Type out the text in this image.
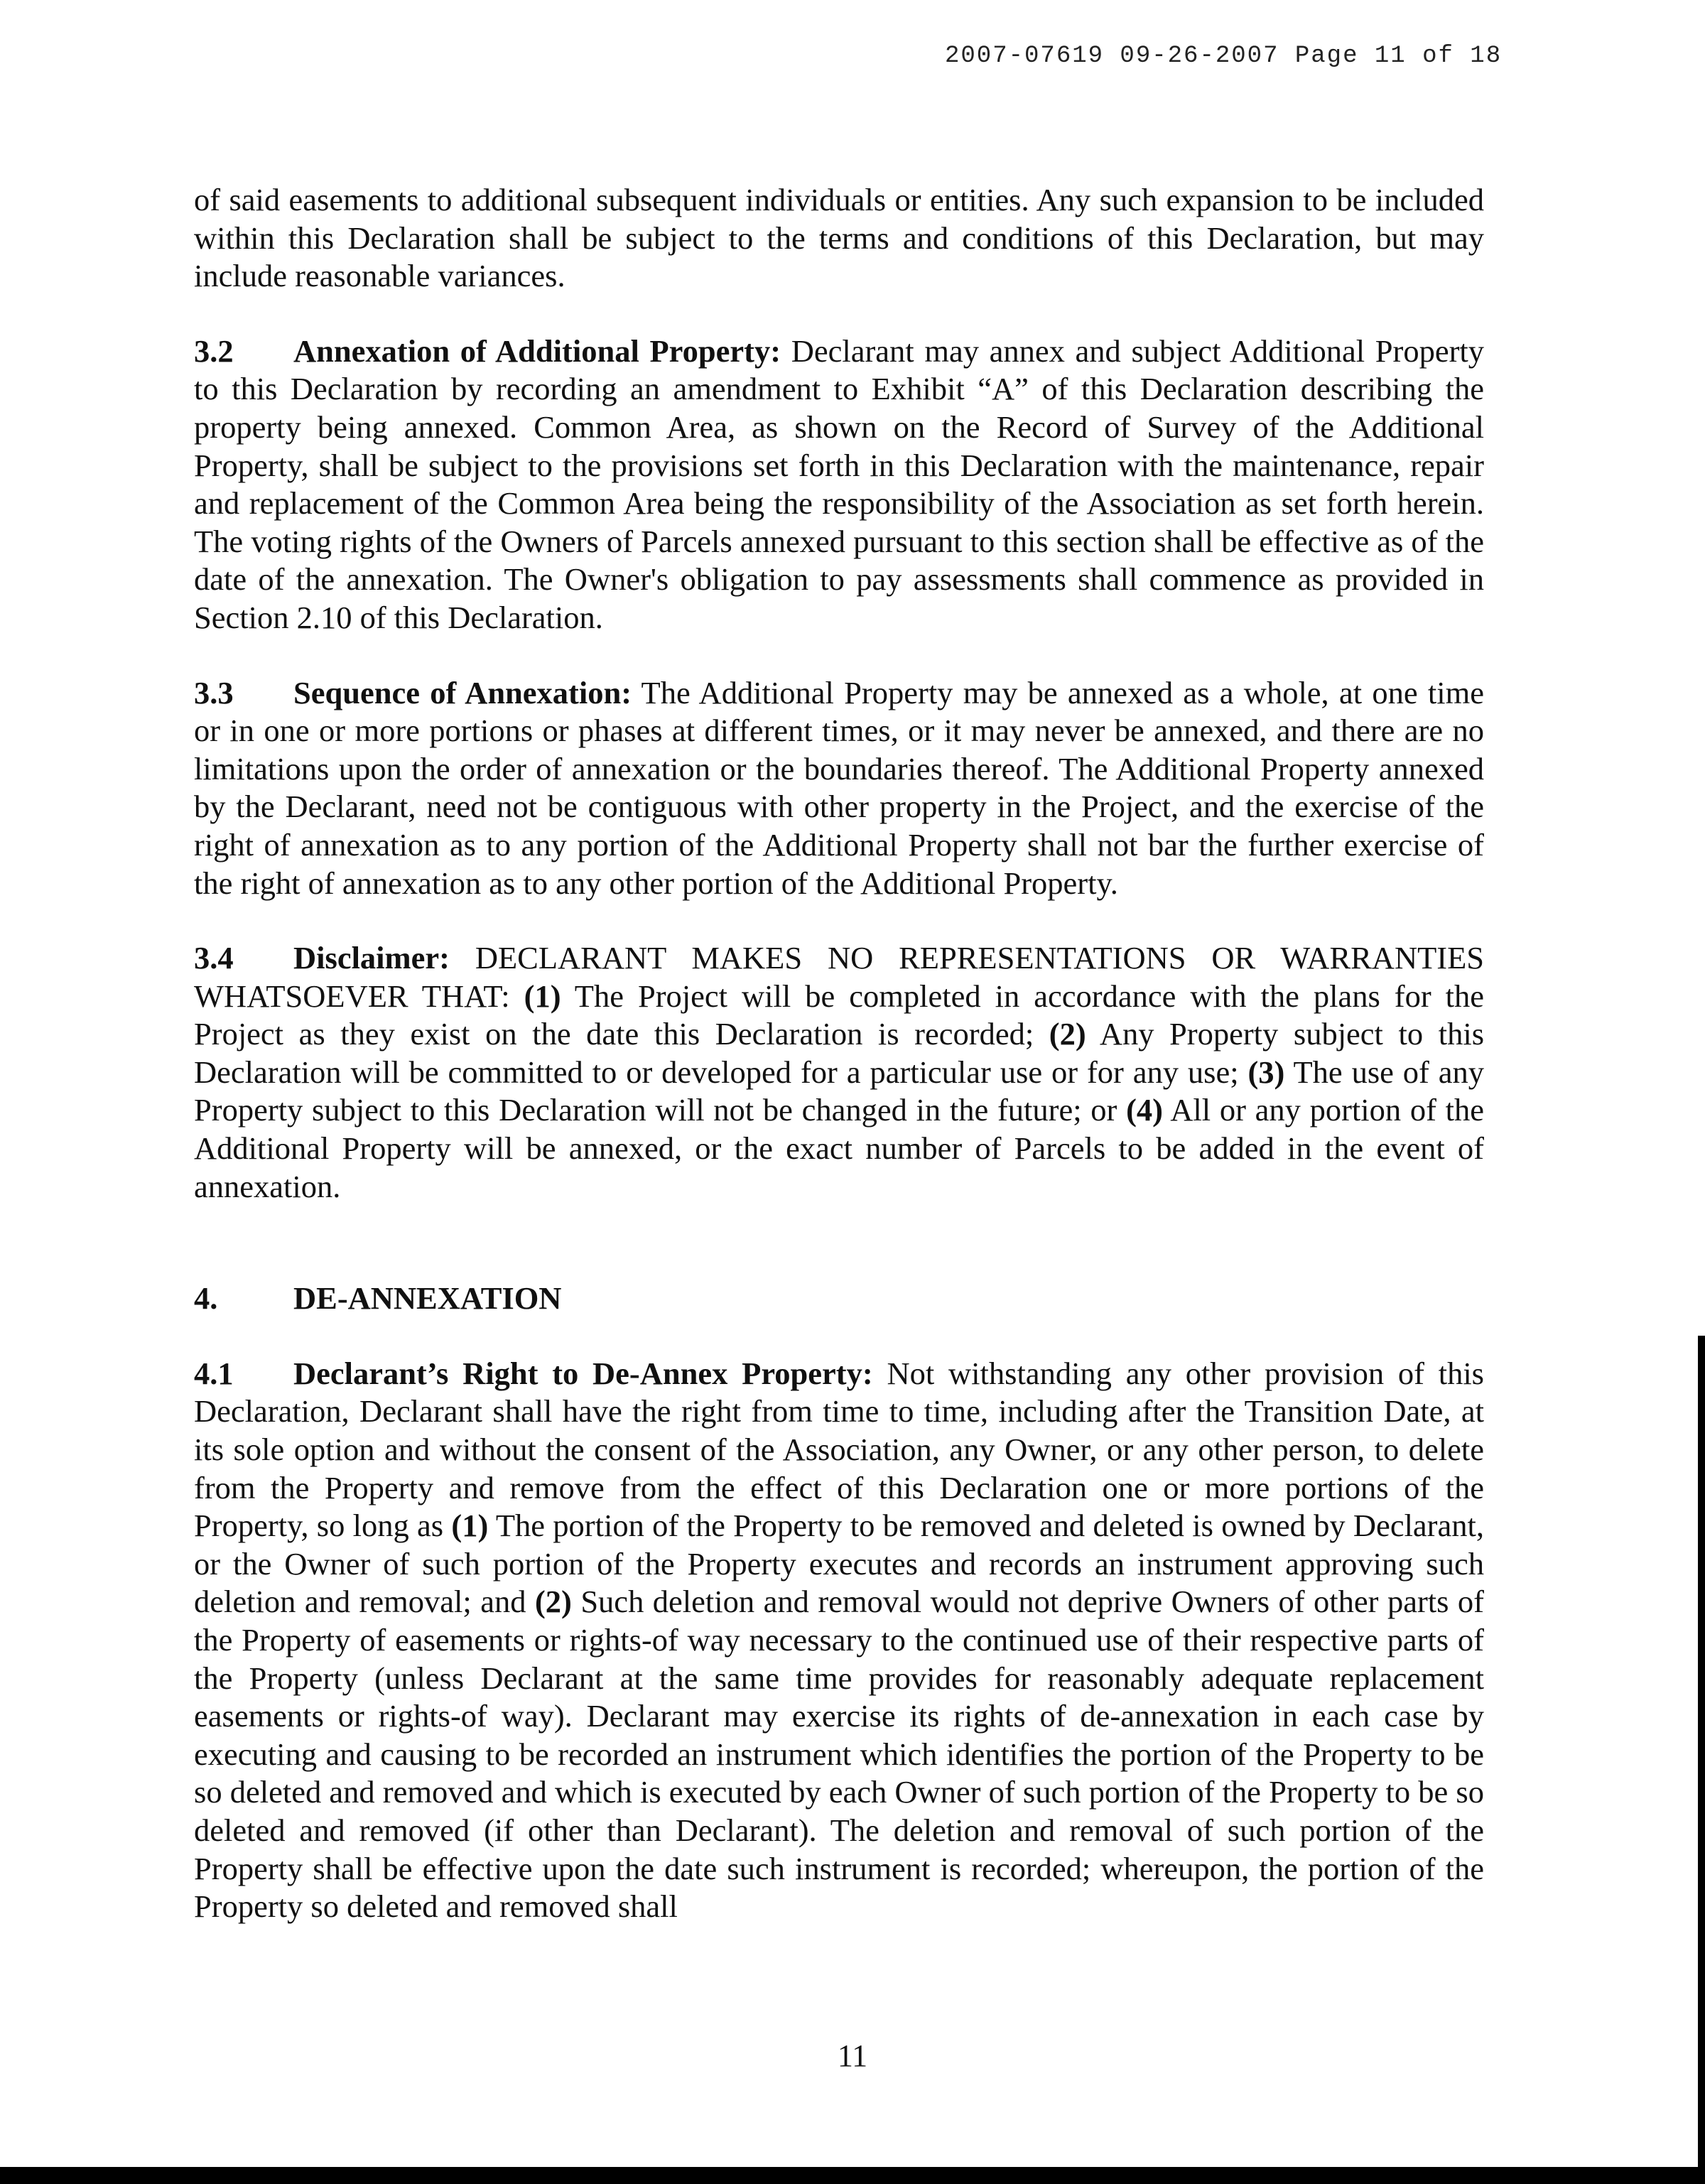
2007-07619 09-26-2007 Page 11 of 18

of said easements to additional subsequent individuals or entities. Any such expansion to be included within this Declaration shall be subject to the terms and conditions of this Declaration, but may include reasonable variances.

3.2 Annexation of Additional Property: Declarant may annex and subject Additional Property to this Declaration by recording an amendment to Exhibit “A” of this Declaration describing the property being annexed. Common Area, as shown on the Record of Survey of the Additional Property, shall be subject to the provisions set forth in this Declaration with the maintenance, repair and replacement of the Common Area being the responsibility of the Association as set forth herein. The voting rights of the Owners of Parcels annexed pursuant to this section shall be effective as of the date of the annexation. The Owner's obligation to pay assessments shall commence as provided in Section 2.10 of this Declaration.

3.3 Sequence of Annexation: The Additional Property may be annexed as a whole, at one time or in one or more portions or phases at different times, or it may never be annexed, and there are no limitations upon the order of annexation or the boundaries thereof. The Additional Property annexed by the Declarant, need not be contiguous with other property in the Project, and the exercise of the right of annexation as to any portion of the Additional Property shall not bar the further exercise of the right of annexation as to any other portion of the Additional Property.

3.4 Disclaimer: DECLARANT MAKES NO REPRESENTATIONS OR WARRANTIES WHATSOEVER THAT: (1) The Project will be completed in accordance with the plans for the Project as they exist on the date this Declaration is recorded; (2) Any Property subject to this Declaration will be committed to or developed for a particular use or for any use; (3) The use of any Property subject to this Declaration will not be changed in the future; or (4) All or any portion of the Additional Property will be annexed, or the exact number of Parcels to be added in the event of annexation.

4. DE-ANNEXATION

4.1 Declarant’s Right to De-Annex Property: Not withstanding any other provision of this Declaration, Declarant shall have the right from time to time, including after the Transition Date, at its sole option and without the consent of the Association, any Owner, or any other person, to delete from the Property and remove from the effect of this Declaration one or more portions of the Property, so long as (1) The portion of the Property to be removed and deleted is owned by Declarant, or the Owner of such portion of the Property executes and records an instrument approving such deletion and removal; and (2) Such deletion and removal would not deprive Owners of other parts of the Property of easements or rights-of way necessary to the continued use of their respective parts of the Property (unless Declarant at the same time provides for reasonably adequate replacement easements or rights-of way). Declarant may exercise its rights of de-annexation in each case by executing and causing to be recorded an instrument which identifies the portion of the Property to be so deleted and removed and which is executed by each Owner of such portion of the Property to be so deleted and removed (if other than Declarant). The deletion and removal of such portion of the Property shall be effective upon the date such instrument is recorded; whereupon, the portion of the Property so deleted and removed shall

11
